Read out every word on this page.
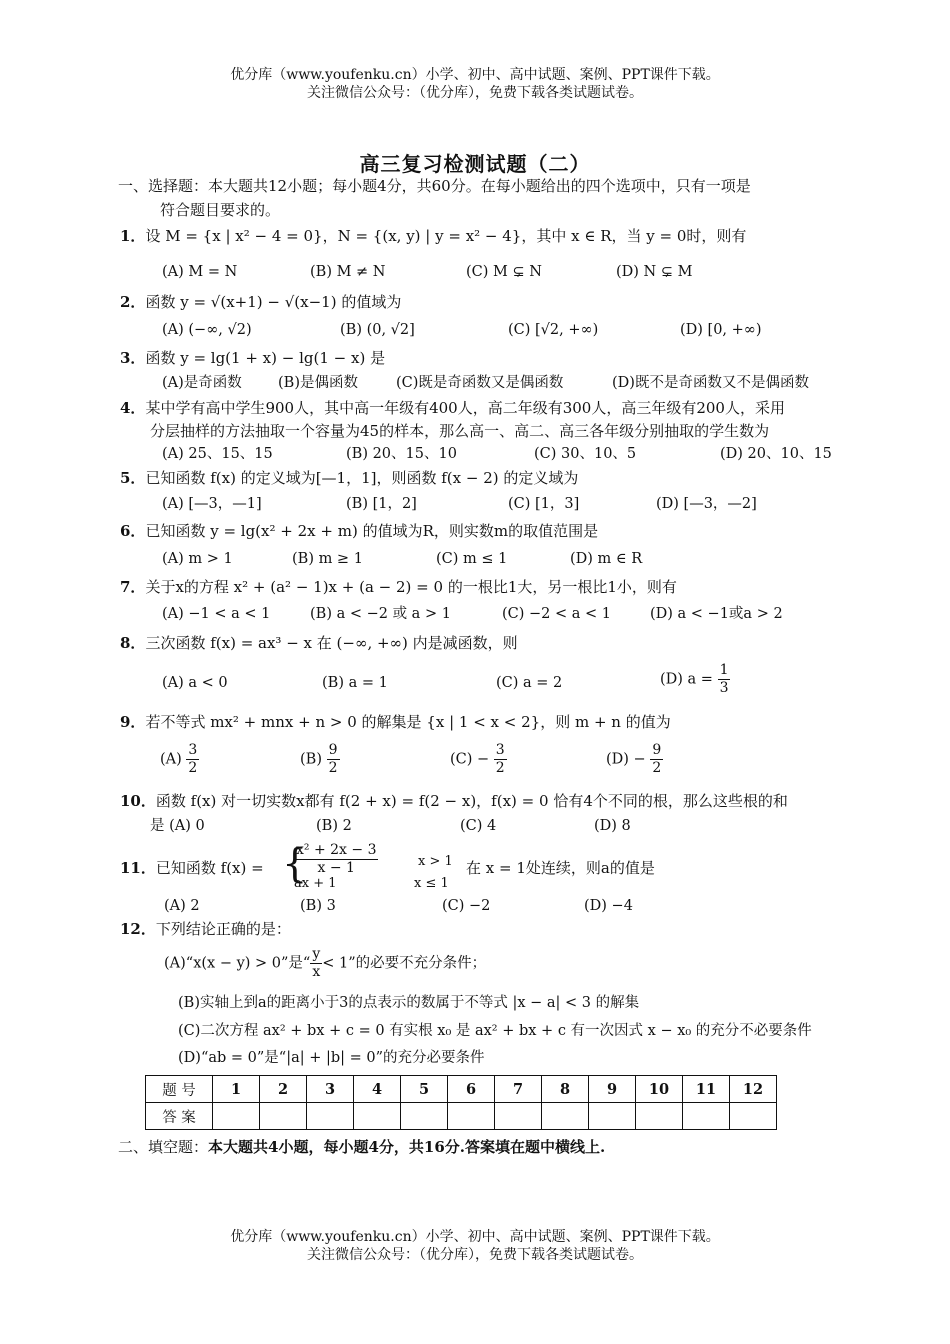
优分库（www.youfenku.cn）小学、初中、高中试题、案例、PPT课件下载。
关注微信公众号：（优分库），免费下载各类试题试卷。
高三复习检测试题（二）
一、选择题：本大题共12小题；每小题4分，共60分。在每小题给出的四个选项中，只有一项是
符合题目要求的。
1．设 M = {x | x² − 4 = 0}，N = {(x, y) | y = x² − 4}，其中 x ∈ R，当 y = 0时，则有
(A) M = N	(B) M ≠ N	(C) M ⊊ N	(D) N ⊊ M
2．函数 y = √(x+1) − √(x−1) 的值域为
(A) (−∞, √2)	(B) (0, √2]	(C) [√2, +∞)	(D) [0, +∞)
3．函数 y = lg(1 + x) − lg(1 − x) 是
(A)是奇函数 (B)是偶函数	(C)既是奇函数又是偶函数	(D)既不是奇函数又不是偶函数
4．某中学有高中学生900人，其中高一年级有400人，高二年级有300人，高三年级有200人，采用
分层抽样的方法抽取一个容量为45的样本，那么高一、高二、高三各年级分别抽取的学生数为
(A) 25、15、15	(B) 20、15、10	(C) 30、10、5	(D) 20、10、15
5．已知函数 f(x) 的定义域为[—1，1]，则函数 f(x − 2) 的定义域为
(A) [—3，—1]	(B) [1，2]	(C) [1，3]	(D) [—3，—2]
6．已知函数 y = lg(x² + 2x + m) 的值域为R，则实数m的取值范围是
(A) m > 1	(B) m ≥ 1	(C) m ≤ 1	(D) m ∈ R
7．关于x的方程 x² + (a² − 1)x + (a − 2) = 0 的一根比1大，另一根比1小，则有
(A) −1 < a < 1	(B) a < −2 或 a > 1	(C) −2 < a < 1	(D) a < −1或a > 2
8．三次函数 f(x) = ax³ − x 在 (−∞, +∞) 内是减函数，则
(A) a < 0	(B) a = 1	(C) a = 2	(D) $a = \frac{1}{3}$
9．若不等式 mx² + mnx + n > 0 的解集是 {x | 1 < x < 2}，则 m + n 的值为
$(A) \frac{3}{2}$	$(B) \frac{9}{2}$	$(C) - \frac{3}{2}$	$(D) - \frac{9}{2}$
10．函数 f(x) 对一切实数x都有 f(2 + x) = f(2 − x)，f(x) = 0 恰有4个不同的根，那么这些根的和
是 (A) 0	(B) 2	(C) 4	(D) 8
11．已知函数 f(x) = {
$\frac{\text{x² + 2x − 3}}{x - 1}$	x > 1
ax + 1	x ≤ 1
在 x = 1处连续，则a的值是
(A) 2	(B) 3	(C) −2	(D) −4
12．下列结论正确的是：
(A)“x(x − y) > 0”是“ $\frac{y}{x} < 1$”的必要不充分条件；
(B)实轴上到a的距离小于3的点表示的数属于不等式 |x − a| < 3 的解集
(C)二次方程 ax² + bx + c = 0 有实根 x₀ 是 ax² + bx + c 有一次因式 x − x₀ 的充分不必要条件
(D)“ab = 0”是“|a| + |b| = 0”的充分必要条件
题 号	1	2	3	4	5	6	7	8	9	10	11	12
答 案												
二、填空题：本大题共4小题，每小题4分，共16分.答案填在题中横线上.
优分库（www.youfenku.cn）小学、初中、高中试题、案例、PPT课件下载。
关注微信公众号：（优分库），免费下载各类试题试卷。
